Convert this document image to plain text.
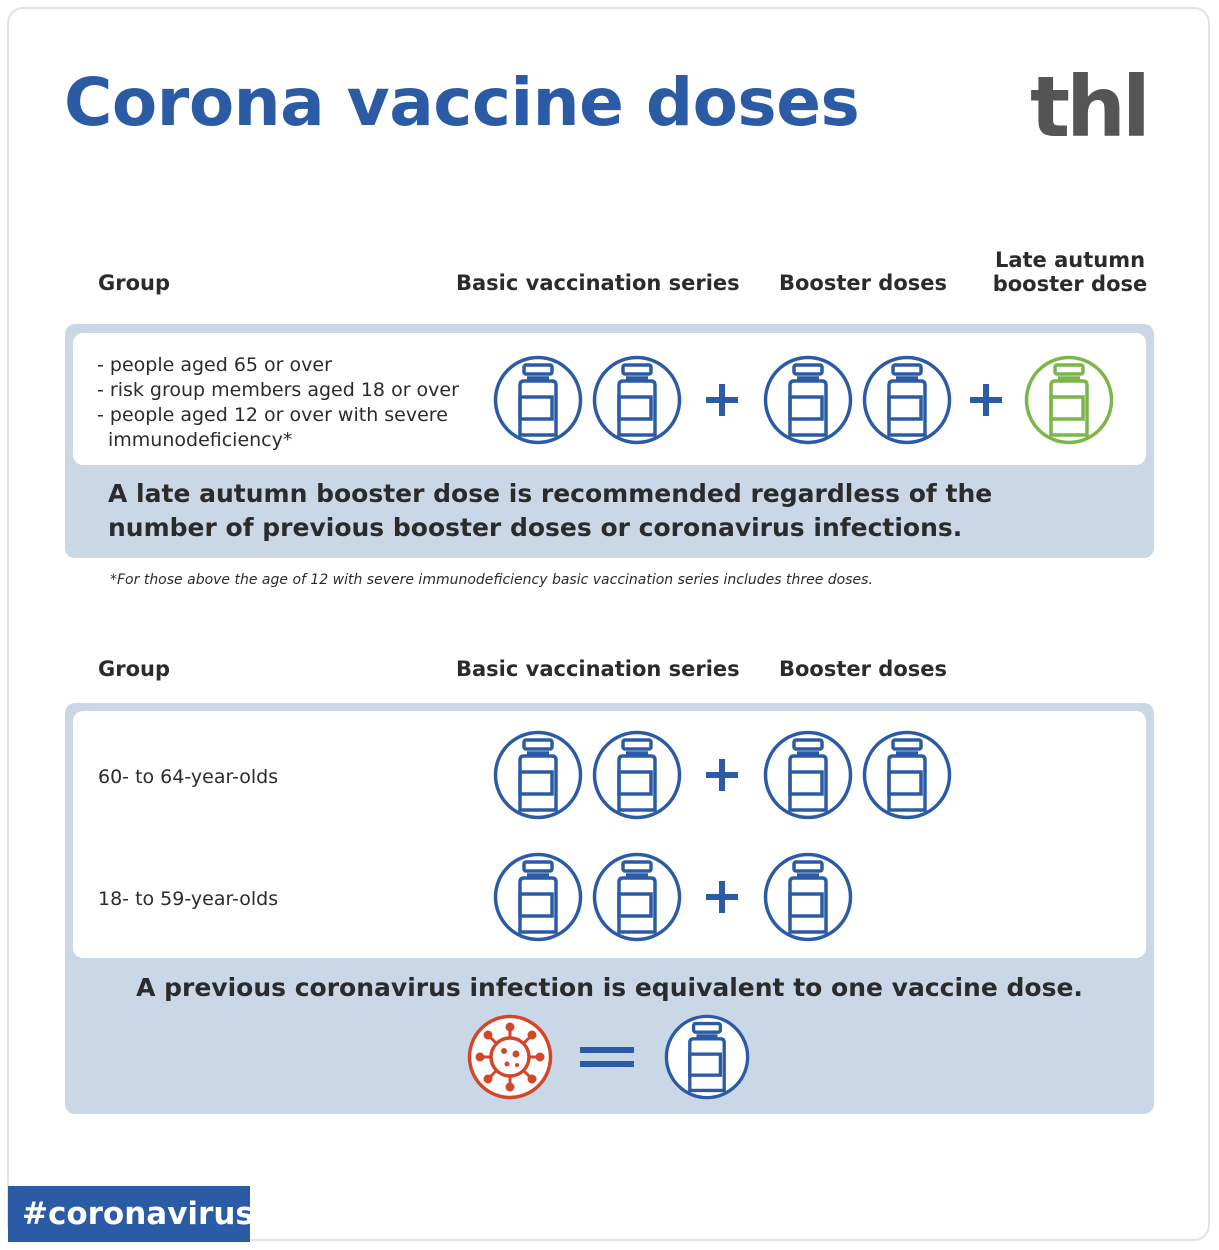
Corona vaccine doses thl
Group	Basic vaccination series Booster doses
Late autumn booster dose
- people aged 65 or over
- risk group members aged 18 or over
- people aged 12 or over with severe
immunodeficiency*
A late autumn booster dose is recommended regardless of the number of previous booster doses or coronavirus infections.
*For those above the age of 12 with severe immunodeficiency basic vaccination series includes three doses.
Group	Basic vaccination series Booster doses
60- to 64-year-olds
18- to 59-year-olds
A previous coronavirus infection is equivalent to one vaccine dose.
#coronavirus
